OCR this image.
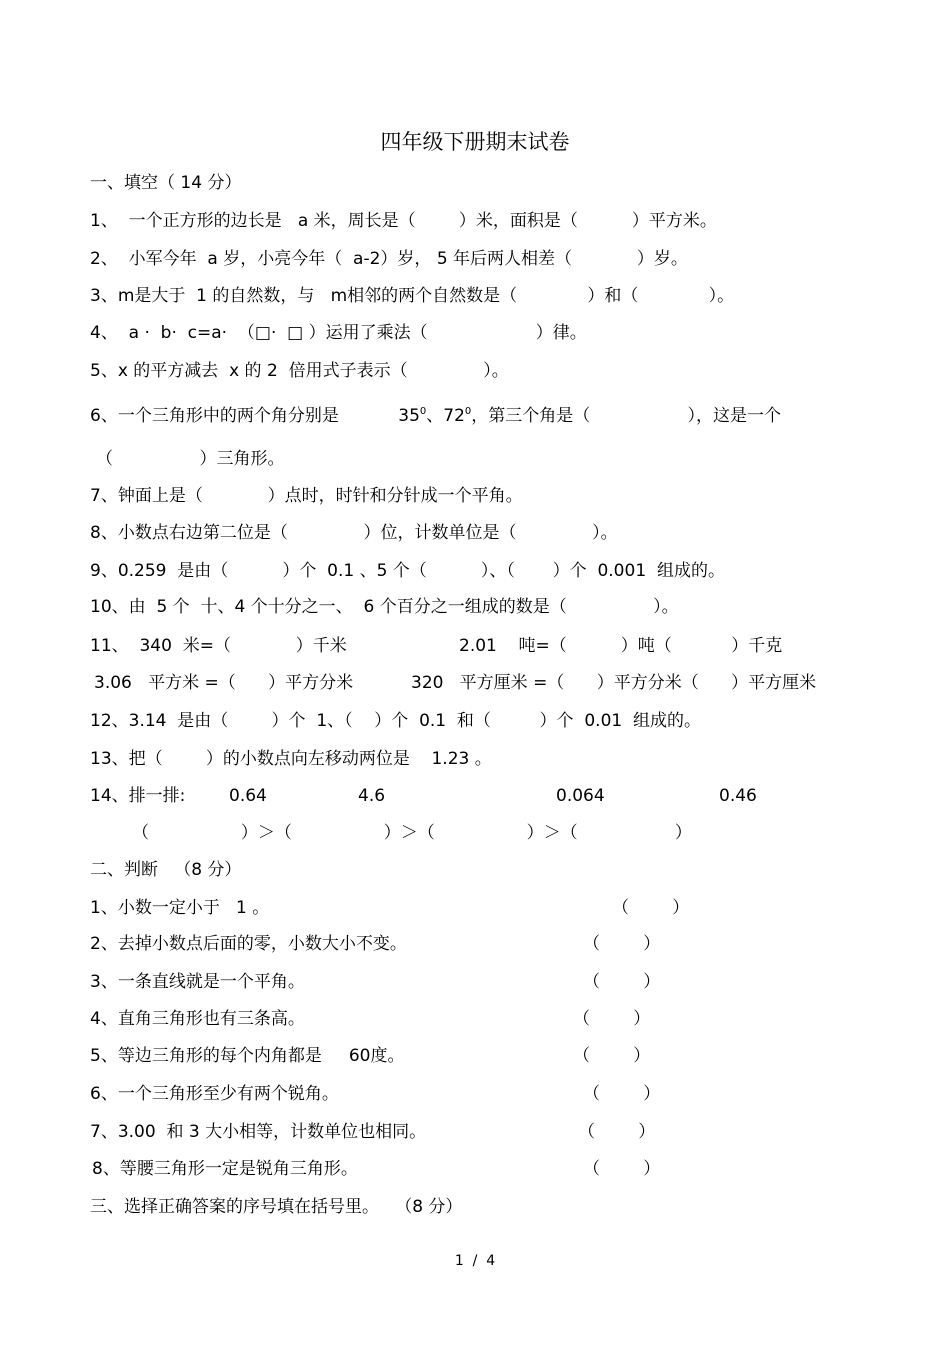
四年级下册期末试卷
一、填空（ 14 分）
1、  一个正方形的边长是   a 米，周长是（        ）米，面积是（          ）平方米。
2、  小军今年  a 岁，小亮今年（  a-2）岁， 5 年后两人相差（            ）岁。
3、m是大于  1 的自然数，与   m相邻的两个自然数是（             ）和（             ）。
4、  a ·  b·  c=a·  （□·  □ ）运用了乘法（                    ）律。
5、x 的平方减去  x 的 2  倍用式子表示（              ）。
6、一个三角形中的两个角分别是           $35^0$、$72^0$，第三个角是（                  ），这是一个
（                ）三角形。
7、钟面上是（            ）点时，时针和分针成一个平角。
8、小数点右边第二位是（              ）位，计数单位是（              ）。
9、0.259  是由（          ）个  0.1 、5 个（          ）、（       ）个  0.001  组成的。
10、由  5 个  十、4 个十分之一、  6 个百分之一组成的数是（                ）。
11、  340  米=（            ）千米	2.01    吨=（          ）吨（           ）千克
3.06   平方米 =（      ）平方分米	320   平方厘米 =（      ）平方分米（      ）平方厘米
12、3.14  是由（        ）个  1、（    ）个  0.1  和（         ）个  0.01  组成的。
13、把（        ）的小数点向左移动两位是    1.23 。
14、排一排:	0.64	4.6	0.064	0.46
（                 ）＞（                 ）＞（                 ）＞（                  ）
二、判断   （8 分）
1、小数一定小于   1 。	（        ）
2、去掉小数点后面的零，小数大小不变。	（        ）
3、一条直线就是一个平角。	（        ）
4、直角三角形也有三条高。	（        ）
5、等边三角形的每个内角都是     60度。	（        ）
6、一个三角形至少有两个锐角。	（        ）
7、3.00  和 3 大小相等，计数单位也相同。	（        ）
8、等腰三角形一定是锐角三角形。	（        ）
三、选择正确答案的序号填在括号里。   （8 分）
1  /  4
